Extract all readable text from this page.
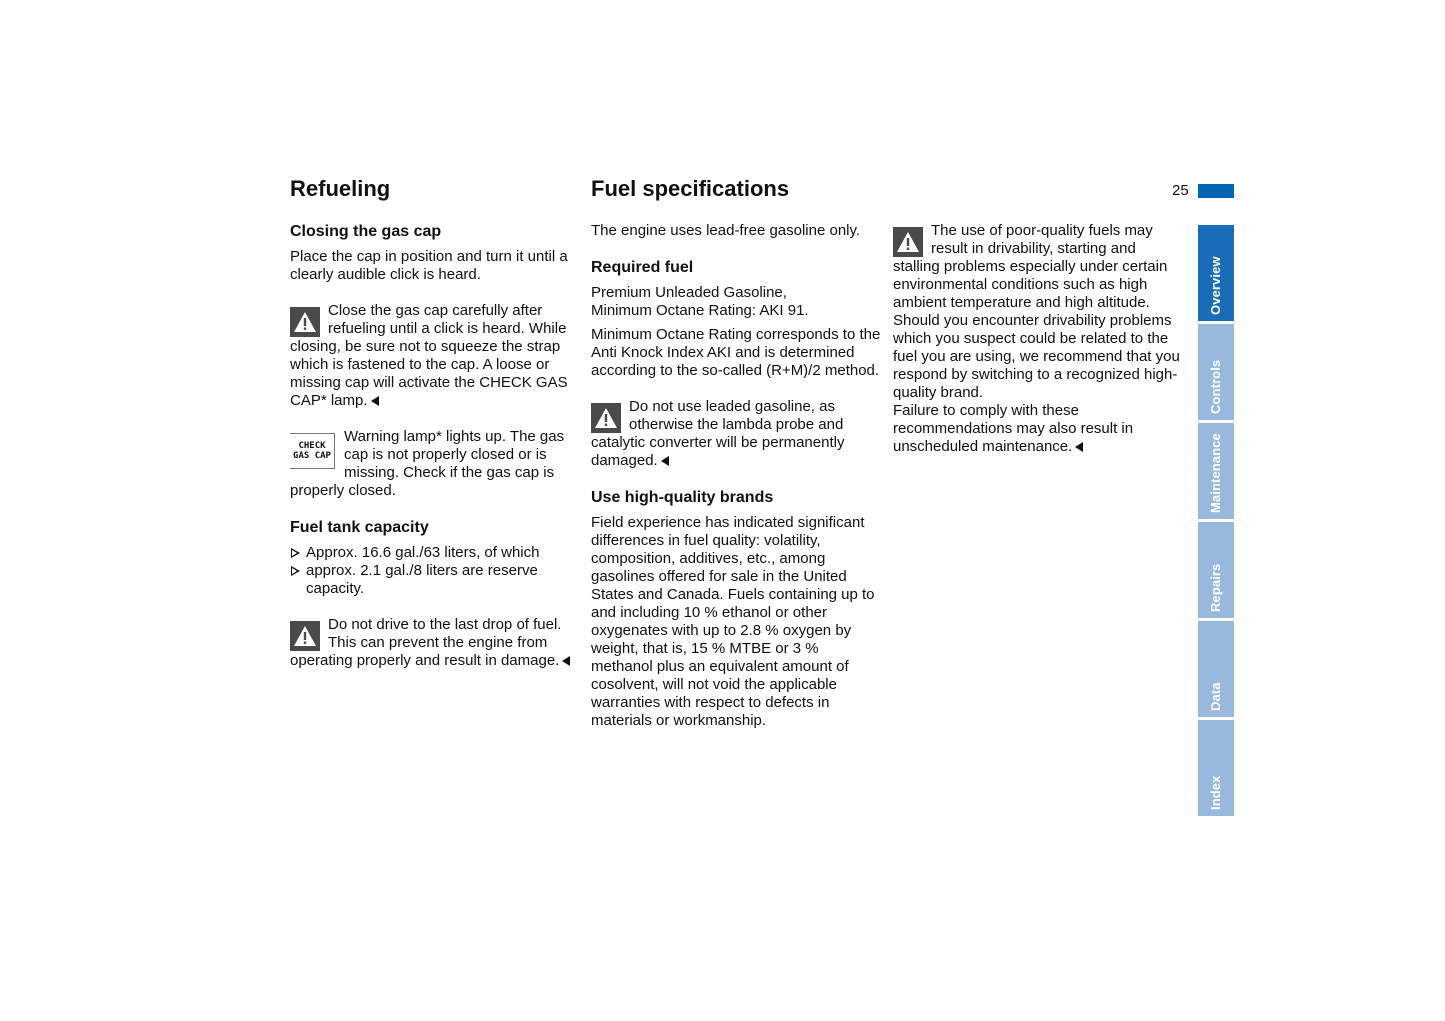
Refueling
Closing the gas cap

Place the cap in position and turn it until a clearly audible click is heard.

Close the gas cap carefully after refueling until a click is heard. While closing, be sure not to squeeze the strap which is fastened to the cap. A loose or missing cap will activate the CHECK GAS CAP* lamp.

CHECK
GAS CAP

Warning lamp* lights up. The gas cap is not properly closed or is missing. Check if the gas cap is properly closed.

Fuel tank capacity
Approx. 16.6 gal./63 liters, of which
approx. 2.1 gal./8 liters are reserve capacity.

Do not drive to the last drop of fuel. This can prevent the engine from operating properly and result in damage.

Fuel specifications

The engine uses lead-free gasoline only.

Required fuel

Premium Unleaded Gasoline,

Minimum Octane Rating: AKI 91.

Minimum Octane Rating corresponds to the Anti Knock Index AKI and is determined according to the so-called (R+M)/2 method.

Do not use leaded gasoline, as otherwise the lambda probe and catalytic converter will be permanently damaged.

Use high-quality brands

Field experience has indicated significant differences in fuel quality: volatility, composition, additives, etc., among gasolines offered for sale in the United States and Canada. Fuels containing up to and including 10 % ethanol or other oxygenates with up to 2.8 % oxygen by weight, that is, 15 % MTBE or 3 % methanol plus an equivalent amount of cosolvent, will not void the applicable warranties with respect to defects in materials or workmanship.

The use of poor-quality fuels may result in drivability, starting and stalling problems especially under certain environmental conditions such as high ambient temperature and high altitude.

Should you encounter drivability problems which you suspect could be related to the fuel you are using, we recommend that you respond by switching to a recognized high-quality brand.

Failure to comply with these recommendations may also result in unscheduled maintenance.

25
Overview
Controls
Maintenance
Repairs
Data
Index
